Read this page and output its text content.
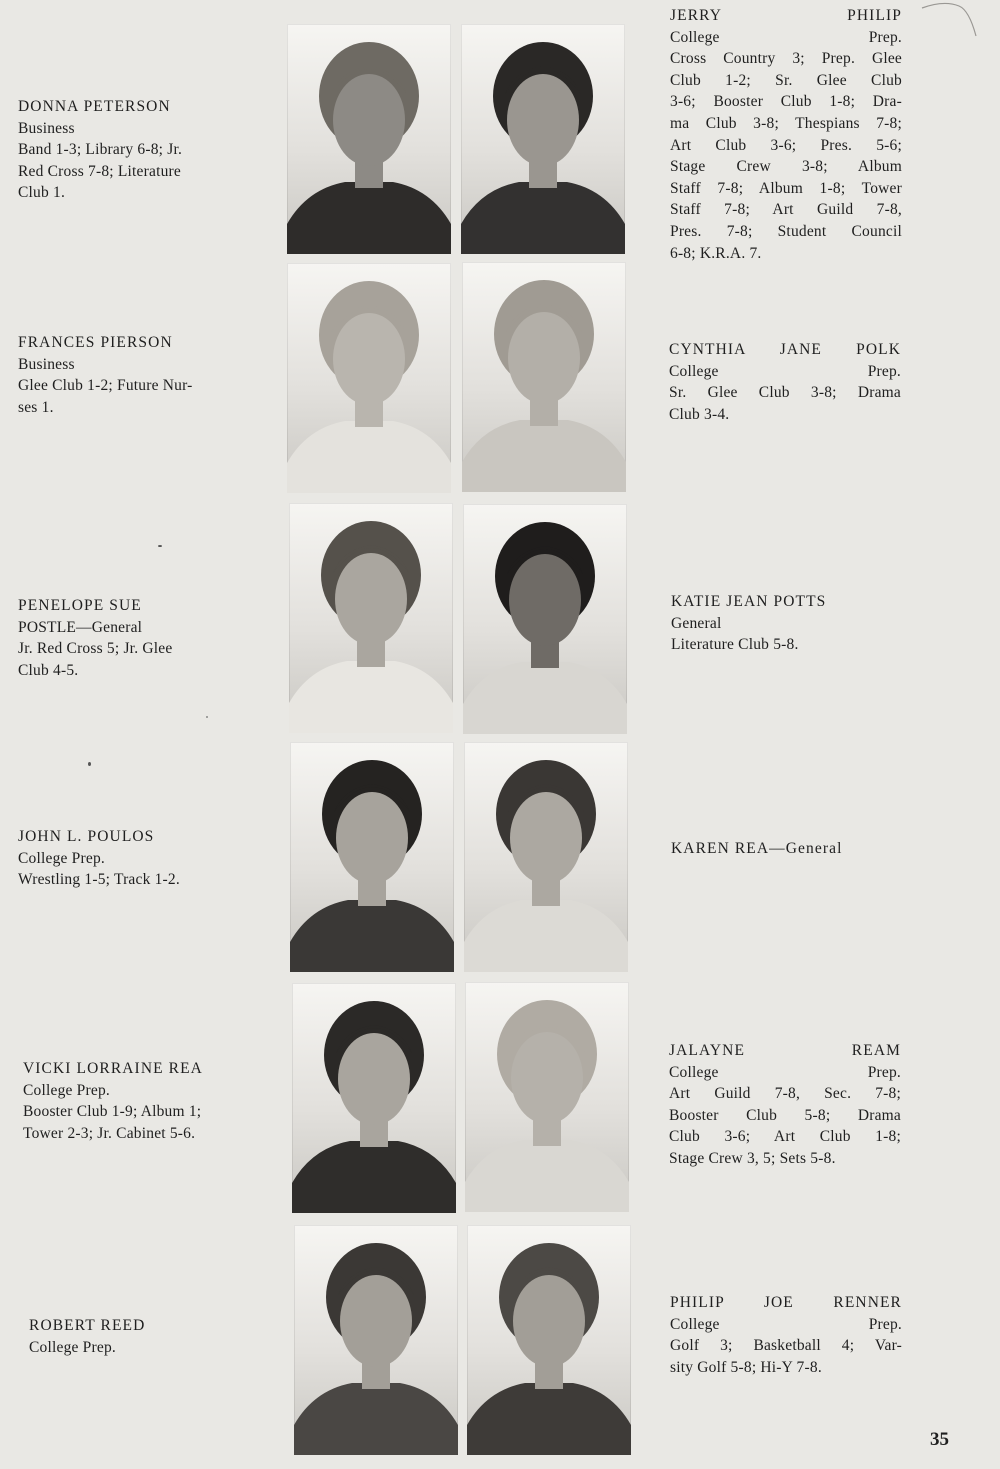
DONNA PETERSON
Business
Band 1-3; Library 6-8; Jr.
Red Cross 7-8; Literature
Club 1.
FRANCES PIERSON
Business
Glee Club 1-2; Future Nur-
ses 1.
PENELOPE SUE
POSTLE—General
Jr. Red Cross 5; Jr. Glee
Club 4-5.
JOHN L. POULOS
College Prep.
Wrestling 1-5; Track 1-2.
VICKI LORRAINE REA
College Prep.
Booster Club 1-9; Album 1;
Tower 2-3; Jr. Cabinet 5-6.
ROBERT REED
College Prep.
JERRY PHILIP
College Prep.
Cross Country 3; Prep. Glee
Club 1-2; Sr. Glee Club
3-6; Booster Club 1-8; Dra-
ma Club 3-8; Thespians 7-8;
Art Club 3-6; Pres. 5-6;
Stage Crew 3-8; Album
Staff 7-8; Album 1-8; Tower
Staff 7-8; Art Guild 7-8,
Pres. 7-8; Student Council
6-8; K.R.A. 7.
CYNTHIA JANE POLK
College Prep.
Sr. Glee Club 3-8; Drama
Club 3-4.
KATIE JEAN POTTS
General
Literature Club 5-8.
KAREN REA—General
JALAYNE REAM
College Prep.
Art Guild 7-8, Sec. 7-8;
Booster Club 5-8; Drama
Club 3-6; Art Club 1-8;
Stage Crew 3, 5; Sets 5-8.
PHILIP JOE RENNER
College Prep.
Golf 3; Basketball 4; Var-
sity Golf 5-8; Hi-Y 7-8.
35
